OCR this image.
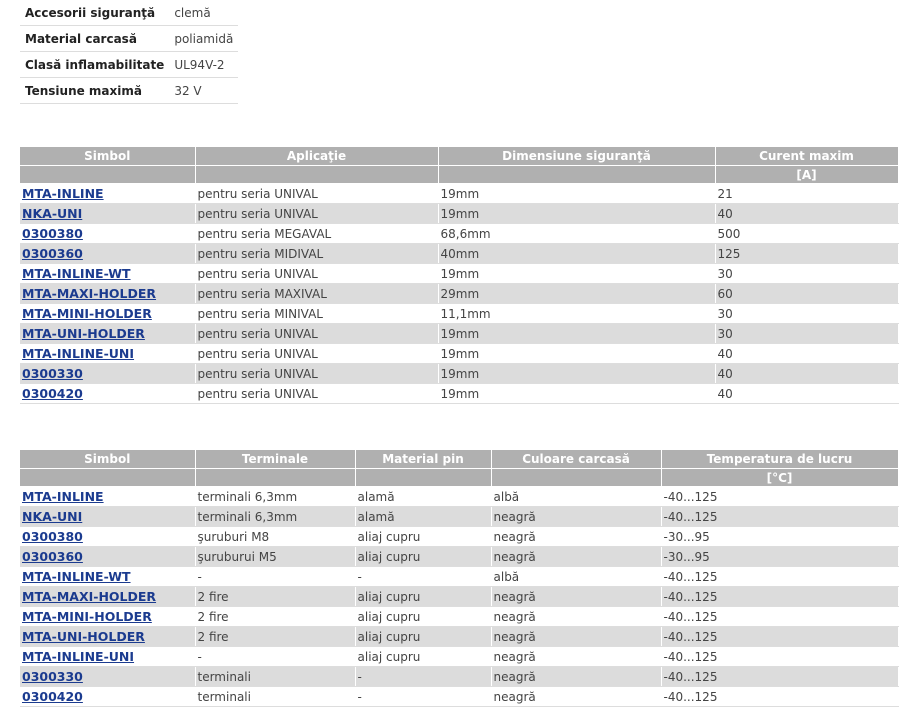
Accesorii siguranţă	clemă
Material carcasă	poliamidă
Clasă inflamabilitate	UL94V-2
Tensiune maximă	32 V
Simbol	Aplicaţie	Dimensiune siguranţă	Curent maxim
			[A]
MTA-INLINE	pentru seria UNIVAL	19mm	21
NKA-UNI	pentru seria UNIVAL	19mm	40
0300380	pentru seria MEGAVAL	68,6mm	500
0300360	pentru seria MIDIVAL	40mm	125
MTA-INLINE-WT	pentru seria UNIVAL	19mm	30
MTA-MAXI-HOLDER	pentru seria MAXIVAL	29mm	60
MTA-MINI-HOLDER	pentru seria MINIVAL	11,1mm	30
MTA-UNI-HOLDER	pentru seria UNIVAL	19mm	30
MTA-INLINE-UNI	pentru seria UNIVAL	19mm	40
0300330	pentru seria UNIVAL	19mm	40
0300420	pentru seria UNIVAL	19mm	40
Simbol	Terminale	Material pin	Culoare carcasă	Temperatura de lucru
				[°C]
MTA-INLINE	terminali 6,3mm	alamă	albă	-40...125
NKA-UNI	terminali 6,3mm	alamă	neagră	-40...125
0300380	şuruburi M8	aliaj cupru	neagră	-30...95
0300360	şuruburui M5	aliaj cupru	neagră	-30...95
MTA-INLINE-WT	-	-	albă	-40...125
MTA-MAXI-HOLDER	2 fire	aliaj cupru	neagră	-40...125
MTA-MINI-HOLDER	2 fire	aliaj cupru	neagră	-40...125
MTA-UNI-HOLDER	2 fire	aliaj cupru	neagră	-40...125
MTA-INLINE-UNI	-	aliaj cupru	neagră	-40...125
0300330	terminali	-	neagră	-40...125
0300420	terminali	-	neagră	-40...125
